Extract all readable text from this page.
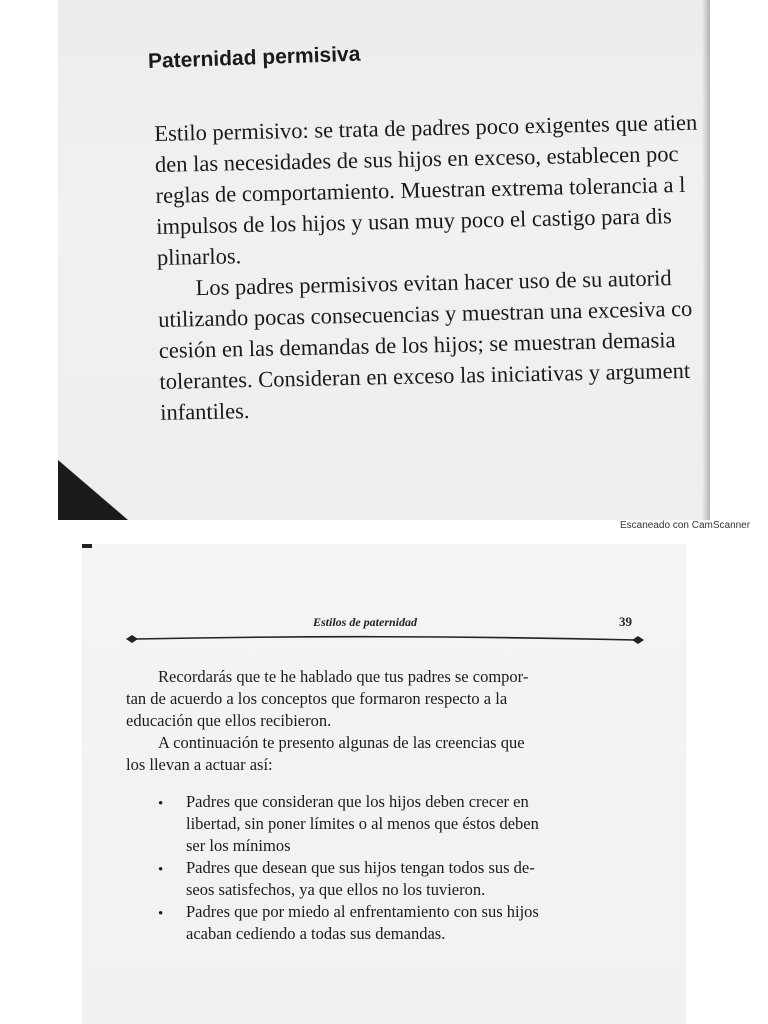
Paternidad permisiva
Estilo permisivo: se trata de padres poco exigentes que atien
den las necesidades de sus hijos en exceso, establecen poc
reglas de comportamiento. Muestran extrema tolerancia a l
impulsos de los hijos y usan muy poco el castigo para dis
plinarlos.
Los padres permisivos evitan hacer uso de su autorid
utilizando pocas consecuencias y muestran una excesiva co
cesión en las demandas de los hijos; se muestran demasia
tolerantes. Consideran en exceso las iniciativas y argument
infantiles.
Escaneado con CamScanner
Estilos de paternidad	39
Recordarás que te he hablado que tus padres se compor-
tan de acuerdo a los conceptos que formaron respecto a la
educación que ellos recibieron.
A continuación te presento algunas de las creencias que
los llevan a actuar así:
• Padres que consideran que los hijos deben crecer en
libertad, sin poner límites o al menos que éstos deben
ser los mínimos
• Padres que desean que sus hijos tengan todos sus de-
seos satisfechos, ya que ellos no los tuvieron.
• Padres que por miedo al enfrentamiento con sus hijos
acaban cediendo a todas sus demandas.
